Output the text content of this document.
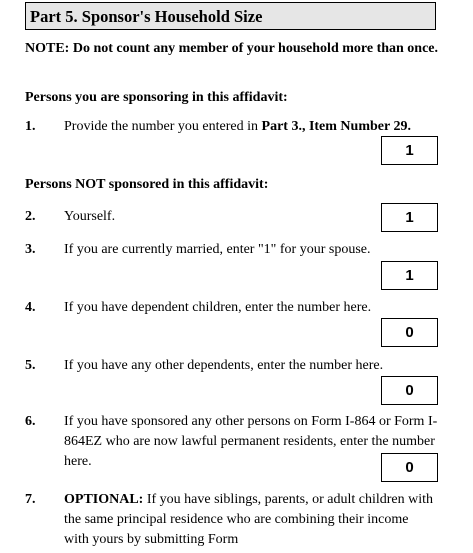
Part 5. Sponsor's Household Size
NOTE: Do not count any member of your household more than once.
Persons you are sponsoring in this affidavit:
1. Provide the number you entered in Part 3., Item Number 29.
1
Persons NOT sponsored in this affidavit:
2. Yourself.	1
3. If you are currently married, enter "1" for your spouse.
1
4. If you have dependent children, enter the number here.
0
5. If you have any other dependents, enter the number here.
0
6. If you have sponsored any other persons on Form I-864 or Form I-864EZ who are now lawful permanent residents, enter the number here.	0
7. OPTIONAL: If you have siblings, parents, or adult children with the same principal residence who are combining their income with yours by submitting Form
